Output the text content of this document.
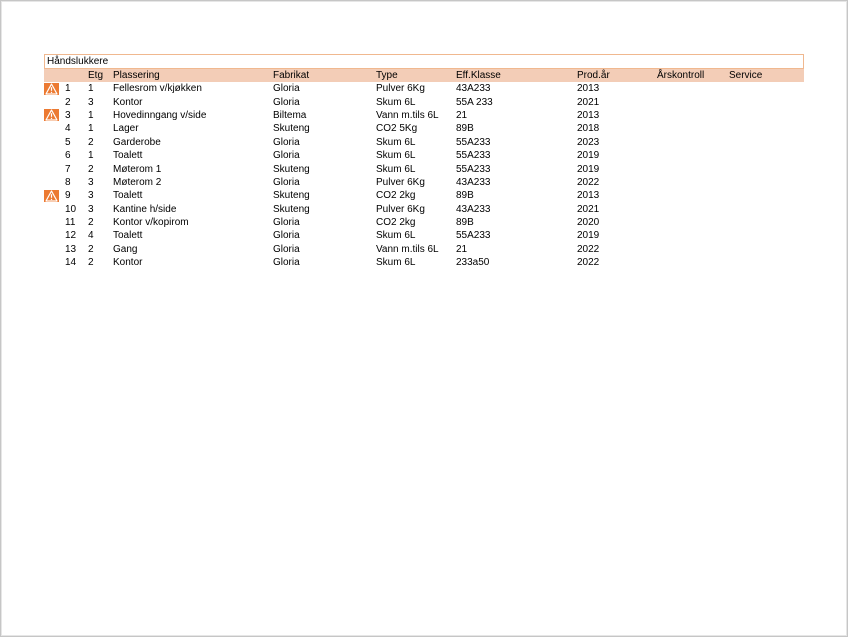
Håndslukkere
		Etg	Plassering	Fabrikat	Type	Eff.Klasse	Prod.år	Årskontroll	Service

	1	1	Fellesrom v/kjøkken	Gloria	Pulver 6Kg	43A233	2013		
	2	3	Kontor	Gloria	Skum 6L	55A 233	2021		

	3	1	Hovedinngang v/side	Biltema	Vann m.tils 6L	21	2013		
	4	1	Lager	Skuteng	CO2 5Kg	89B	2018		
	5	2	Garderobe	Gloria	Skum 6L	55A233	2023		
	6	1	Toalett	Gloria	Skum 6L	55A233	2019		
	7	2	Møterom 1	Skuteng	Skum 6L	55A233	2019		
	8	3	Møterom 2	Gloria	Pulver 6Kg	43A233	2022		

	9	3	Toalett	Skuteng	CO2 2kg	89B	2013		
	10	3	Kantine h/side	Skuteng	Pulver 6Kg	43A233	2021		
	11	2	Kontor v/kopirom	Gloria	CO2 2kg	89B	2020		
	12	4	Toalett	Gloria	Skum 6L	55A233	2019		
	13	2	Gang	Gloria	Vann m.tils 6L	21	2022		
	14	2	Kontor	Gloria	Skum 6L	233a50	2022		
